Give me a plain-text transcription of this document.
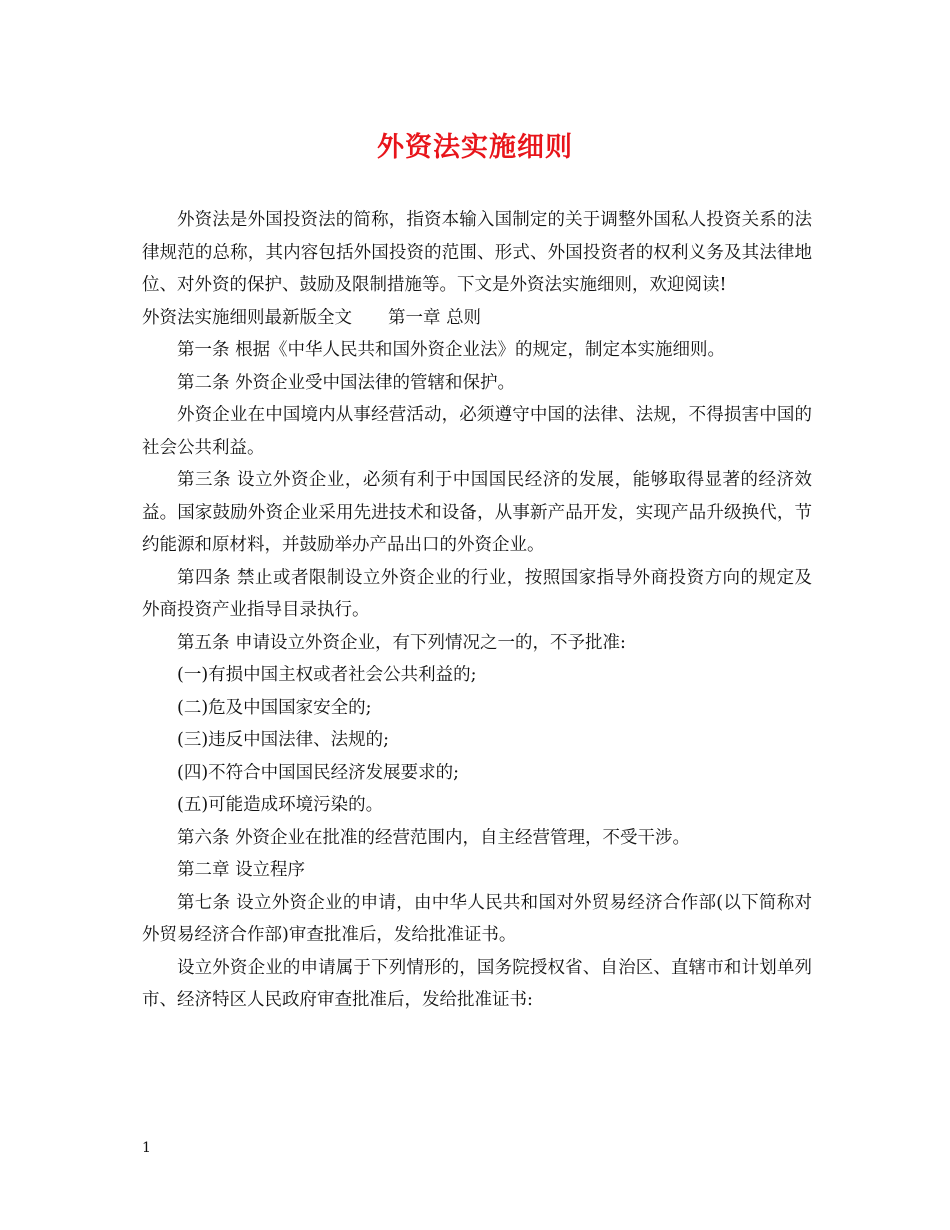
外资法实施细则

外资法是外国投资法的简称，指资本输入国制定的关于调整外国私人投资关系的法律规范的总称，其内容包括外国投资的范围、形式、外国投资者的权利义务及其法律地位、对外资的保护、鼓励及限制措施等。下文是外资法实施细则，欢迎阅读!

外资法实施细则最新版全文 第一章 总则

第一条 根据《中华人民共和国外资企业法》的规定，制定本实施细则。

第二条 外资企业受中国法律的管辖和保护。

外资企业在中国境内从事经营活动，必须遵守中国的法律、法规，不得损害中国的社会公共利益。

第三条 设立外资企业，必须有利于中国国民经济的发展，能够取得显著的经济效益。国家鼓励外资企业采用先进技术和设备，从事新产品开发，实现产品升级换代，节约能源和原材料，并鼓励举办产品出口的外资企业。

第四条 禁止或者限制设立外资企业的行业，按照国家指导外商投资方向的规定及外商投资产业指导目录执行。

第五条 申请设立外资企业，有下列情况之一的，不予批准:

(一)有损中国主权或者社会公共利益的;

(二)危及中国国家安全的;

(三)违反中国法律、法规的;

(四)不符合中国国民经济发展要求的;

(五)可能造成环境污染的。

第六条 外资企业在批准的经营范围内，自主经营管理，不受干涉。

第二章 设立程序

第七条 设立外资企业的申请，由中华人民共和国对外贸易经济合作部(以下简称对外贸易经济合作部)审查批准后，发给批准证书。

设立外资企业的申请属于下列情形的，国务院授权省、自治区、直辖市和计划单列市、经济特区人民政府审查批准后，发给批准证书:

1
